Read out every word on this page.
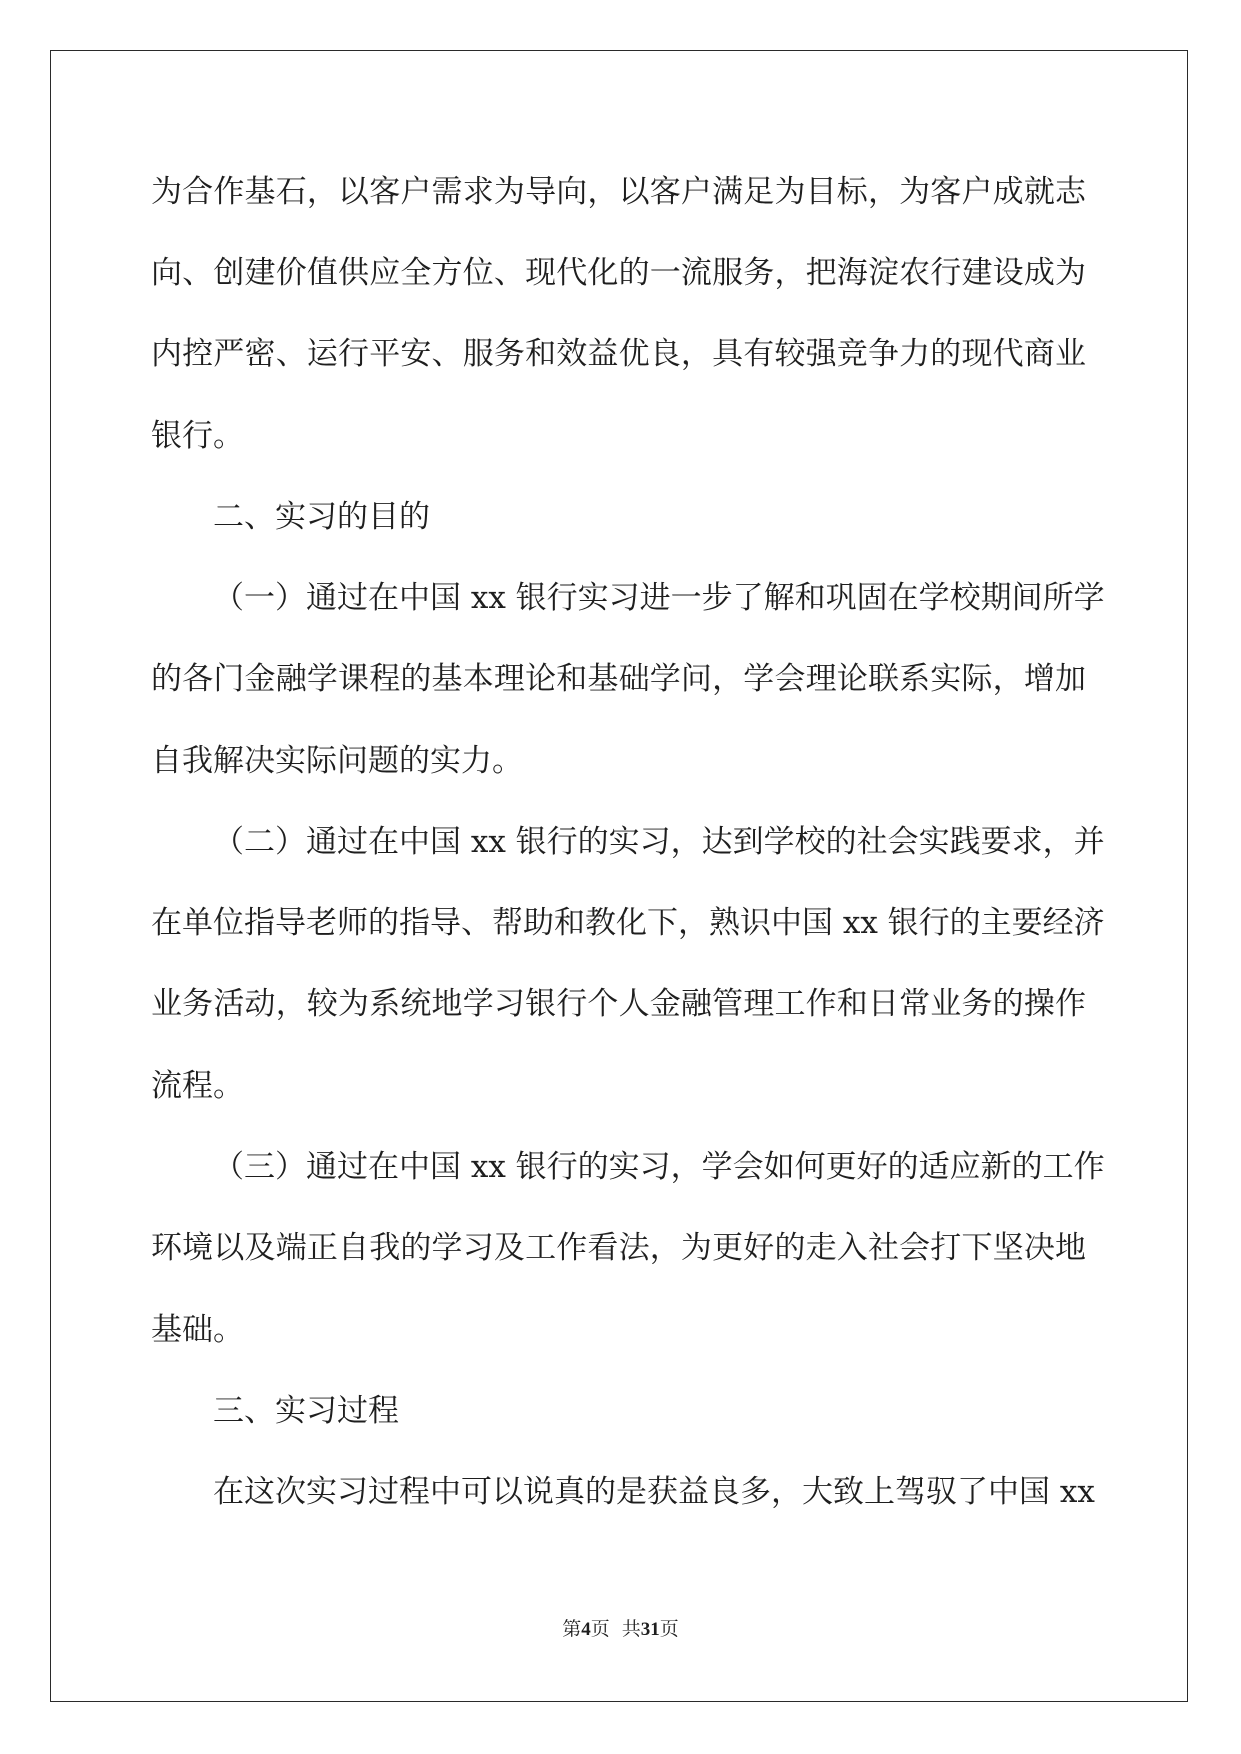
为合作基石，以客户需求为导向，以客户满足为目标，为客户成就志
向、创建价值供应全方位、现代化的一流服务，把海淀农行建设成为
内控严密、运行平安、服务和效益优良，具有较强竞争力的现代商业
银行。
二、实习的目的
（一）通过在中国 xx 银行实习进一步了解和巩固在学校期间所学
的各门金融学课程的基本理论和基础学问，学会理论联系实际，增加
自我解决实际问题的实力。
（二）通过在中国 xx 银行的实习，达到学校的社会实践要求，并
在单位指导老师的指导、帮助和教化下，熟识中国 xx 银行的主要经济
业务活动，较为系统地学习银行个人金融管理工作和日常业务的操作
流程。
（三）通过在中国 xx 银行的实习，学会如何更好的适应新的工作
环境以及端正自我的学习及工作看法，为更好的走入社会打下坚决地
基础。
三、实习过程
在这次实习过程中可以说真的是获益良多，大致上驾驭了中国 xx
第4页  共31页
